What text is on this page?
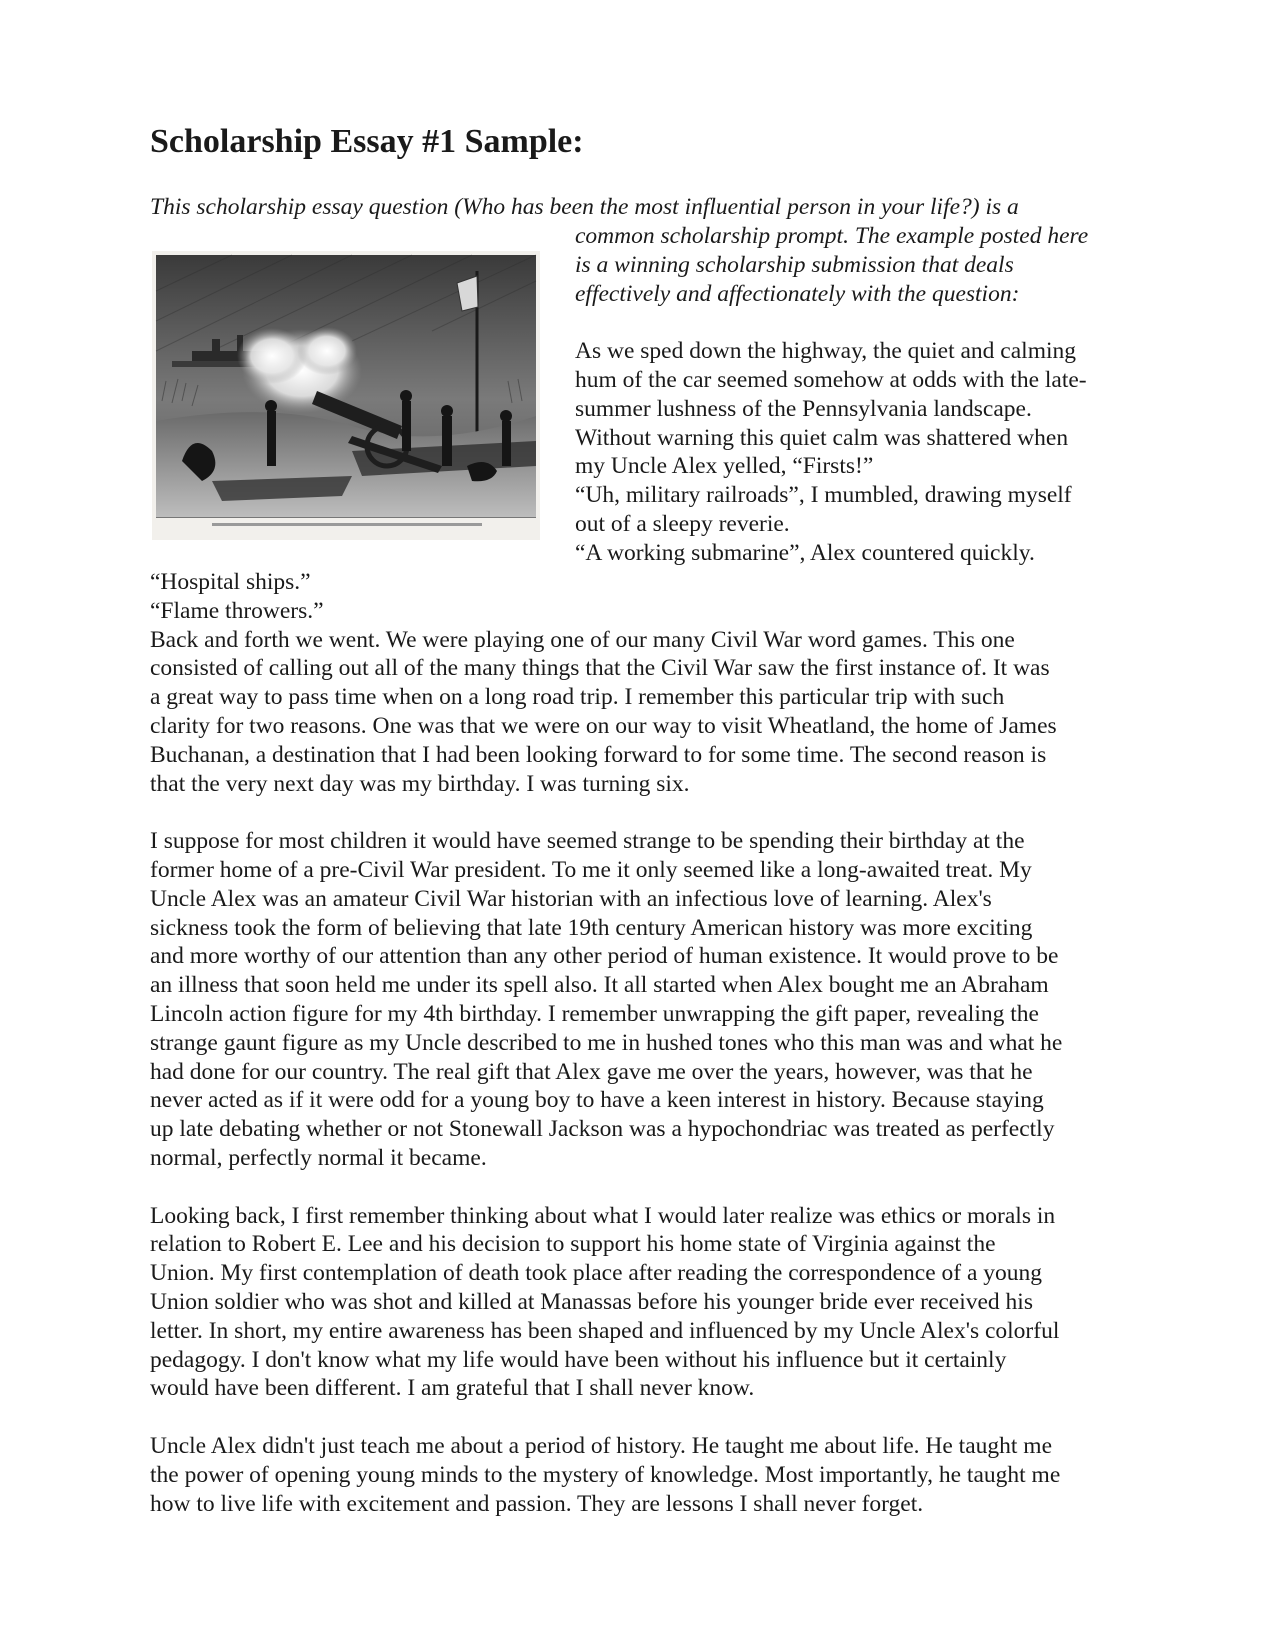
Scholarship Essay #1 Sample:
This scholarship essay question (Who has been the most influential person in your life?) is a
common scholarship prompt. The example posted here
is a winning scholarship submission that deals
effectively and affectionately with the question:
As we sped down the highway, the quiet and calming
hum of the car seemed somehow at odds with the late-
summer lushness of the Pennsylvania landscape.
Without warning this quiet calm was shattered when
my Uncle Alex yelled, “Firsts!”
“Uh, military railroads”, I mumbled, drawing myself
out of a sleepy reverie.
“A working submarine”, Alex countered quickly.
“Hospital ships.”
“Flame throwers.”
Back and forth we went. We were playing one of our many Civil War word games. This one
consisted of calling out all of the many things that the Civil War saw the first instance of. It was
a great way to pass time when on a long road trip. I remember this particular trip with such
clarity for two reasons. One was that we were on our way to visit Wheatland, the home of James
Buchanan, a destination that I had been looking forward to for some time. The second reason is
that the very next day was my birthday. I was turning six.
I suppose for most children it would have seemed strange to be spending their birthday at the
former home of a pre-Civil War president. To me it only seemed like a long-awaited treat. My
Uncle Alex was an amateur Civil War historian with an infectious love of learning. Alex's
sickness took the form of believing that late 19th century American history was more exciting
and more worthy of our attention than any other period of human existence. It would prove to be
an illness that soon held me under its spell also. It all started when Alex bought me an Abraham
Lincoln action figure for my 4th birthday. I remember unwrapping the gift paper, revealing the
strange gaunt figure as my Uncle described to me in hushed tones who this man was and what he
had done for our country. The real gift that Alex gave me over the years, however, was that he
never acted as if it were odd for a young boy to have a keen interest in history. Because staying
up late debating whether or not Stonewall Jackson was a hypochondriac was treated as perfectly
normal, perfectly normal it became.
Looking back, I first remember thinking about what I would later realize was ethics or morals in
relation to Robert E. Lee and his decision to support his home state of Virginia against the
Union. My first contemplation of death took place after reading the correspondence of a young
Union soldier who was shot and killed at Manassas before his younger bride ever received his
letter. In short, my entire awareness has been shaped and influenced by my Uncle Alex's colorful
pedagogy. I don't know what my life would have been without his influence but it certainly
would have been different. I am grateful that I shall never know.
Uncle Alex didn't just teach me about a period of history. He taught me about life. He taught me
the power of opening young minds to the mystery of knowledge. Most importantly, he taught me
how to live life with excitement and passion. They are lessons I shall never forget.
